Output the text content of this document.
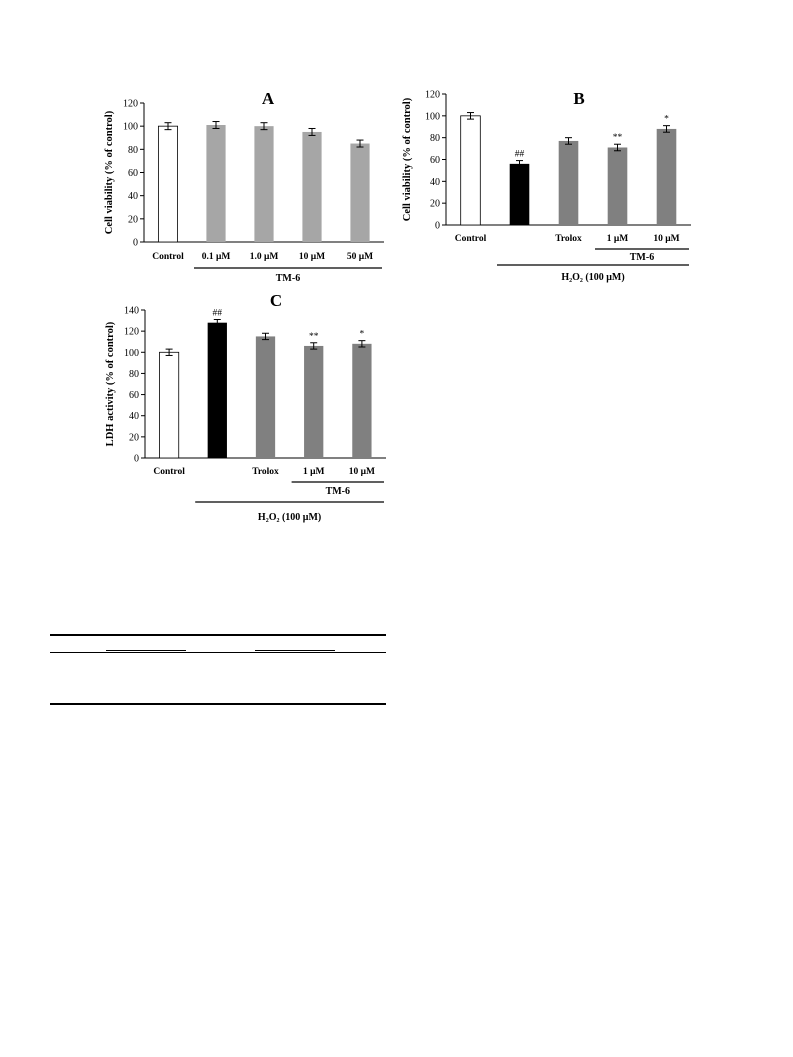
0
20
40
60
80
100
120
Cell viability (% of control)
A
Control 0.1 μM 1.0 μM 10 μM 50 μM
TM-6
0
20
40
60
80
100
120
Cell viability (% of control)	B
Control
##
Trolox
**
1 μM
*
10 μM
TM-6
H₂O₂ (100 μM)
0
20
40
60
80
100
120
140
LDH activity (% of control)
C
Control
##
Trolox
**
1 μM
*
10 μM
TM-6
H₂O₂ (100 μM)
